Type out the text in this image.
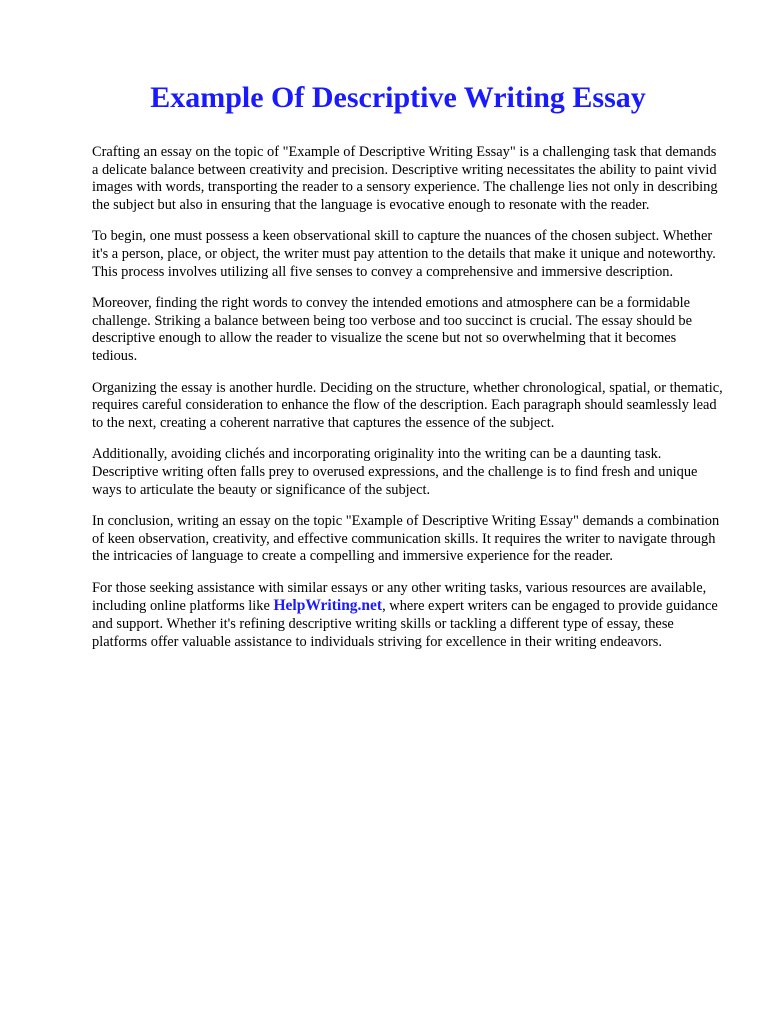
Example Of Descriptive Writing Essay

Crafting an essay on the topic of "Example of Descriptive Writing Essay" is a challenging task that demands a delicate balance between creativity and precision. Descriptive writing necessitates the ability to paint vivid images with words, transporting the reader to a sensory experience. The challenge lies not only in describing the subject but also in ensuring that the language is evocative enough to resonate with the reader.

To begin, one must possess a keen observational skill to capture the nuances of the chosen subject. Whether it's a person, place, or object, the writer must pay attention to the details that make it unique and noteworthy. This process involves utilizing all five senses to convey a comprehensive and immersive description.

Moreover, finding the right words to convey the intended emotions and atmosphere can be a formidable challenge. Striking a balance between being too verbose and too succinct is crucial. The essay should be descriptive enough to allow the reader to visualize the scene but not so overwhelming that it becomes tedious.

Organizing the essay is another hurdle. Deciding on the structure, whether chronological, spatial, or thematic, requires careful consideration to enhance the flow of the description. Each paragraph should seamlessly lead to the next, creating a coherent narrative that captures the essence of the subject.

Additionally, avoiding clichés and incorporating originality into the writing can be a daunting task. Descriptive writing often falls prey to overused expressions, and the challenge is to find fresh and unique ways to articulate the beauty or significance of the subject.

In conclusion, writing an essay on the topic "Example of Descriptive Writing Essay" demands a combination of keen observation, creativity, and effective communication skills. It requires the writer to navigate through the intricacies of language to create a compelling and immersive experience for the reader.

For those seeking assistance with similar essays or any other writing tasks, various resources are available, including online platforms like HelpWriting.net, where expert writers can be engaged to provide guidance and support. Whether it's refining descriptive writing skills or tackling a different type of essay, these platforms offer valuable assistance to individuals striving for excellence in their writing endeavors.
